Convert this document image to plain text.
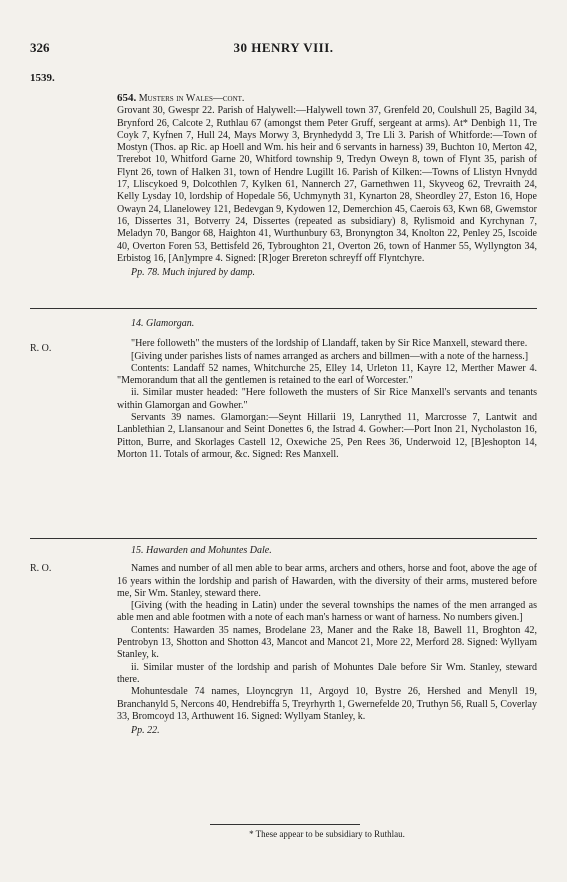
326	30 HENRY VIII.
1539.

654. Musters in Wales—cont.

Grovant 30, Gwespr 22. Parish of Halywell:—Halywell town 37, Grenfeld 20, Coulshull 25, Bagild 34, Brynford 26, Calcote 2, Ruthlau 67 (amongst them Peter Gruff, sergeant at arms). At* Denbigh 11, Tre Coyk 7, Kyfnen 7, Hull 24, Mays Morwy 3, Brynhedydd 3, Tre Lli 3. Parish of Whitforde:—Town of Mostyn (Thos. ap Ric. ap Hoell and Wm. his heir and 6 servants in harness) 39, Buchton 10, Merton 42, Trerebot 10, Whitford Garne 20, Whitford township 9, Tredyn Oweyn 8, town of Flynt 35, parish of Flynt 26, town of Halken 31, town of Hendre Lugillt 16. Parish of Kilken:—Towns of Llistyn Hvnydd 17, Lliscykoed 9, Dolcothlen 7, Kylken 61, Nannerch 27, Garnethwen 11, Skyveog 62, Trevraith 24, Kelly Lysday 10, lordship of Hopedale 56, Uchmynyth 31, Kynarton 28, Sheordley 27, Eston 16, Hope Owayn 24, Llanelowey 121, Bedevgan 9, Kydowen 12, Demerchion 45, Caerois 63, Kwn 68, Gwemstor 16, Dissertes 31, Botverry 24, Dissertes (repeated as subsidiary) 8, Rylismoid and Kyrchynan 7, Meladyn 70, Bangor 68, Haighton 41, Wurthunbury 63, Bronyngton 34, Knolton 22, Penley 25, Iscoide 40, Overton Foren 53, Bettisfeld 26, Tybroughton 21, Overton 26, town of Hanmer 55, Wyllyngton 34, Erbistog 16, [An]ympre 4. Signed: [R]oger Brereton schreyff off Flyntchyre.

Pp. 78. Much injured by damp.

R. O.

14. Glamorgan.

"Here followeth" the musters of the lordship of Llandaff, taken by Sir Rice Manxell, steward there.

[Giving under parishes lists of names arranged as archers and billmen—with a note of the harness.]

Contents: Landaff 52 names, Whitchurche 25, Elley 14, Urleton 11, Kayre 12, Merther Mawer 4. "Memorandum that all the gentlemen is retained to the earl of Worcester."

ii. Similar muster headed: "Here followeth the musters of Sir Rice Manxell's servants and tenants within Glamorgan and Gowher."

Servants 39 names. Glamorgan:—Seynt Hillarii 19, Lanrythed 11, Marcrosse 7, Lantwit and Lanblethian 2, Llansanour and Seint Donettes 6, the Istrad 4. Gowher:—Port Inon 21, Nycholaston 16, Pitton, Burre, and Skorlages Castell 12, Oxewiche 25, Pen Rees 36, Underwoid 12, [B]eshopton 14, Morton 11. Totals of armour, &c. Signed: Res Manxell.

R. O.

15. Hawarden and Mohuntes Dale.

Names and number of all men able to bear arms, archers and others, horse and foot, above the age of 16 years within the lordship and parish of Hawarden, with the diversity of their arms, mustered before me, Sir Wm. Stanley, steward there.

[Giving (with the heading in Latin) under the several townships the names of the men arranged as able men and able footmen with a note of each man's harness or want of harness. No numbers given.]

Contents: Hawarden 35 names, Brodelane 23, Maner and the Rake 18, Bawell 11, Broghton 42, Pentrobyn 13, Shotton and Shotton 43, Mancot and Mancot 21, More 22, Merford 28. Signed: Wyllyam Stanley, k.

ii. Similar muster of the lordship and parish of Mohuntes Dale before Sir Wm. Stanley, steward there.

Mohuntesdale 74 names, Lloyncgryn 11, Argoyd 10, Bystre 26, Hershed and Menyll 19, Branchanyld 5, Nercons 40, Hendrebiffa 5, Treyrhyrth 1, Gwernefelde 20, Truthyn 56, Ruall 5, Coverlay 33, Bromcoyd 13, Arthuwent 16. Signed: Wyllyam Stanley, k.

Pp. 22.

* These appear to be subsidiary to Ruthlau.
